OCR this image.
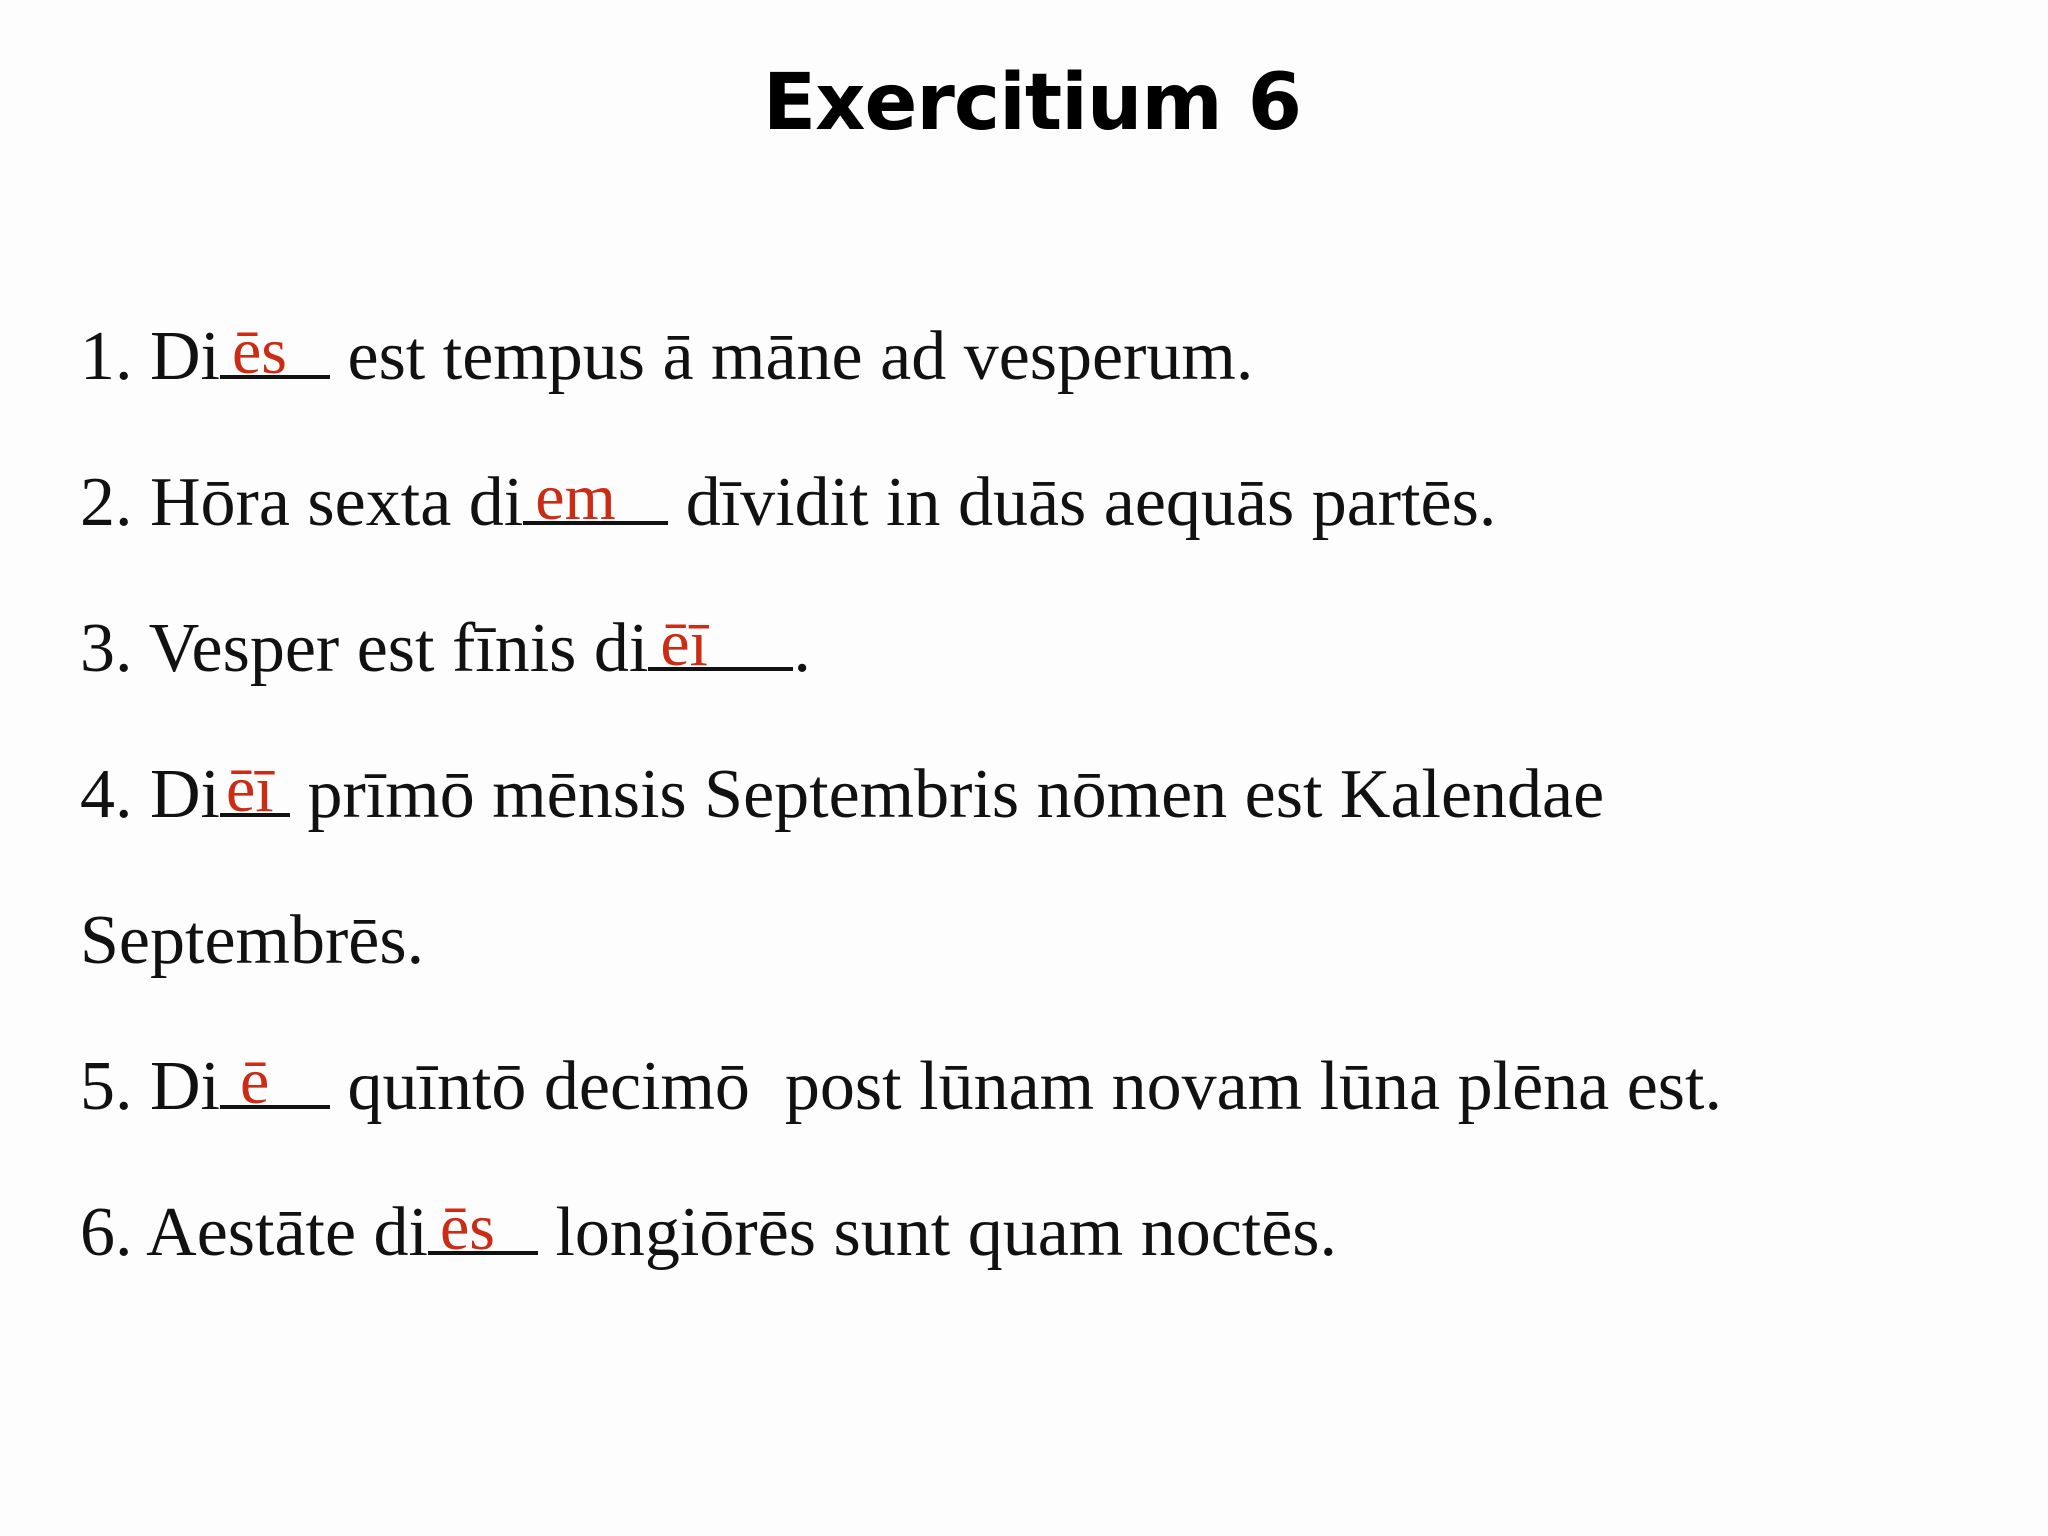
Exercitium 6
1. Di ēs est tempus ā māne ad vesperum.
2. Hōra sexta di em dīvidit in duās aequās partēs.
3. Vesper est fīnis di ēī .
4. Di ēī prīmō mēnsis Septembris nōmen est Kalendae
Septembrēs.
5. Di ē quīntō decimō  post lūnam novam lūna plēna est.
6. Aestāte di ēs longiōrēs sunt quam noctēs.
